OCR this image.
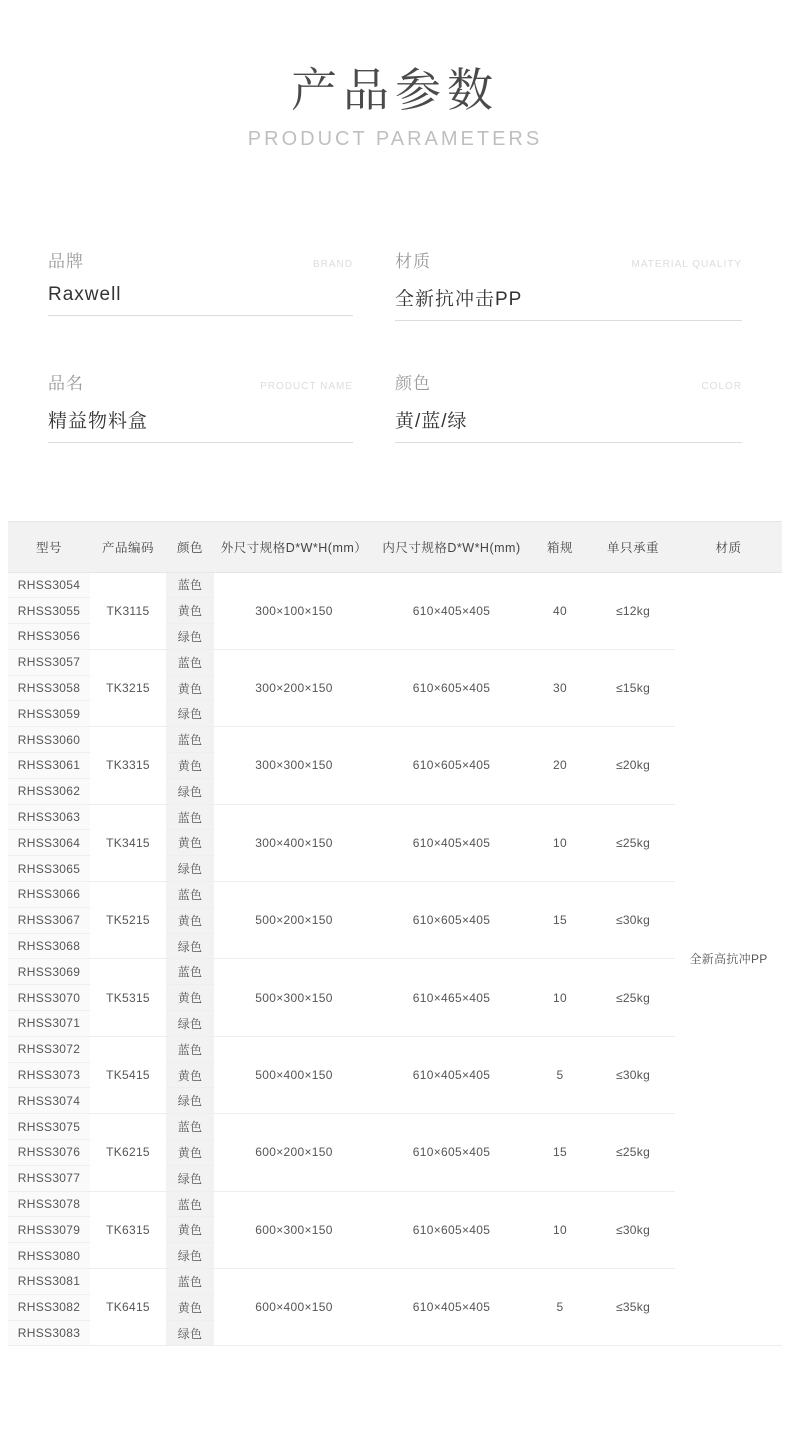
产品参数
PRODUCT PARAMETERS
品牌	BRAND
Raxwell
材质	MATERIAL QUALITY
全新抗冲击PP
品名	PRODUCT NAME
精益物料盒
颜色	COLOR
黄/蓝/绿
型号	产品编码	颜色	外尺寸规格D*W*H(mm）	内尺寸规格D*W*H(mm)	箱规	单只承重	材质
RHSS3054	TK3115	蓝色	300×100×150	610×405×405	40	≤12kg	全新高抗冲PP
RHSS3055		黄色					
RHSS3056		绿色					
RHSS3057	TK3215	蓝色	300×200×150	610×605×405	30	≤15kg	
RHSS3058		黄色					
RHSS3059		绿色					
RHSS3060	TK3315	蓝色	300×300×150	610×605×405	20	≤20kg	
RHSS3061		黄色					
RHSS3062		绿色					
RHSS3063	TK3415	蓝色	300×400×150	610×405×405	10	≤25kg	
RHSS3064		黄色					
RHSS3065		绿色					
RHSS3066	TK5215	蓝色	500×200×150	610×605×405	15	≤30kg	
RHSS3067		黄色					
RHSS3068		绿色					
RHSS3069	TK5315	蓝色	500×300×150	610×465×405	10	≤25kg	
RHSS3070		黄色					
RHSS3071		绿色					
RHSS3072	TK5415	蓝色	500×400×150	610×405×405	5	≤30kg	
RHSS3073		黄色					
RHSS3074		绿色					
RHSS3075	TK6215	蓝色	600×200×150	610×605×405	15	≤25kg	
RHSS3076		黄色					
RHSS3077		绿色					
RHSS3078	TK6315	蓝色	600×300×150	610×605×405	10	≤30kg	
RHSS3079		黄色					
RHSS3080		绿色					
RHSS3081	TK6415	蓝色	600×400×150	610×405×405	5	≤35kg	
RHSS3082		黄色					
RHSS3083		绿色					
